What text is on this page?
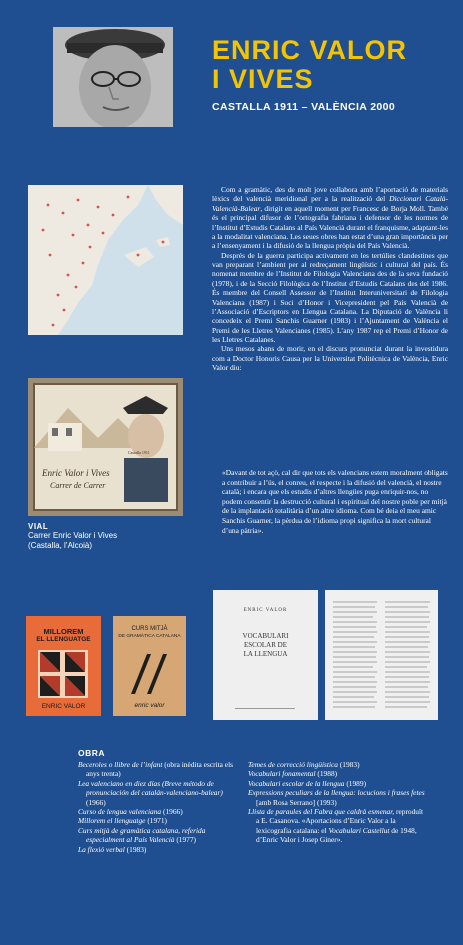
ENRIC VALOR
I VIVES
CASTALLA 1911 – VALÈNCIA 2000

Com a gramàtic, des de molt jove collabora amb l’aportació de materials lèxics del valencià meridional per a la realització del Diccionari Català-Valencià-Balear, dirigit en aquell moment per Francesc de Borja Moll. També és el principal difusor de l’ortografia fabriana i defensor de les normes de l’Institut d’Estudis Catalans al País Valencià durant el franquisme, adaptant-les a la modalitat valenciana. Les seues obres han estat d’una gran importància per a l’ensenyament i la difusió de la llengua pròpia del País Valencià.

Després de la guerra participa activament en les tertúlies clandestines que van preparant l’ambient per al redreçament lingüístic i cultural del país. És nomenat membre de l’Institut de Filologia Valenciana des de la seva fundació (1978), i de la Secció Filològica de l’Institut d’Estudis Catalans des del 1986. És membre del Consell Assessor de l’Institut Interuniversitari de Filologia Valenciana (1987) i Soci d’Honor i Vicepresident pel País Valencià de l’Associació d’Escriptors en Llengua Catalana. La Diputació de València li concedeix el Premi Sanchis Guarner (1983) i l’Ajuntament de València el Premi de les Lletres Valencianes (1985). L’any 1987 rep el Premi d’Honor de les Lletres Catalanes.

Uns mesos abans de morir, en el discurs pronunciat durant la investidura com a Doctor Honoris Causa per la Universitat Politècnica de València, Enric Valor diu:

«Davant de tot açò, cal dir que tots els valencians estem moralment obligats a contribuir a l’ús, el conreu, el respecte i la difusió del valencià, el nostre català; i encara que els estudis d’altres llengües puga enriquir-nos, no podem consentir la destrucció cultural i espiritual del nostre poble per mitjà de la implantació totalitària d’un altre idioma. Com bé deia el meu amic Sanchis Guarner, la pèrdua de l’idioma propi significa la mort cultural d’una pàtria».
Enric Valor i Vives
Carrer de Carrer
Castalla 1911
VIAL
Carrer Enric Valor i Vives
(Castalla, l’Alcoià)
MILLOREM
EL LLENGUATGE
ENRIC VALOR
CURS MITJÀ
DE GRAMÀTICA CATALANA
enric valor
ENRIC VALOR
VOCABULARI
ESCOLAR DE
LA LLENGUA
OBRA
Beceroles o llibre de l’infant (obra inèdita escrita els anys trenta)
Lea valenciano en diez días (Breve método de pronunciación del catalán-valenciano-balear) (1966)
Curso de lengua valenciana (1966)
Millorem el llenguatge (1971)
Curs mitjà de gramàtica catalana, referida especialment al País Valencià (1977)
La flexió verbal (1983)
Temes de correcció lingüística (1983)
Vocabulari fonamental (1988)
Vocabulari escolar de la llengua (1989)
Expressions peculiars de la llengua: locucions i frases fetes [amb Rosa Serrano] (1993)
Llista de paraules del Fabra que caldrà esmenar, reproduït a E. Casanova. «Aportacions d’Enric Valor a la lexicografia catalana: el Vocabulari Castellut de 1948, d’Enric Valor i Josep Giner».
